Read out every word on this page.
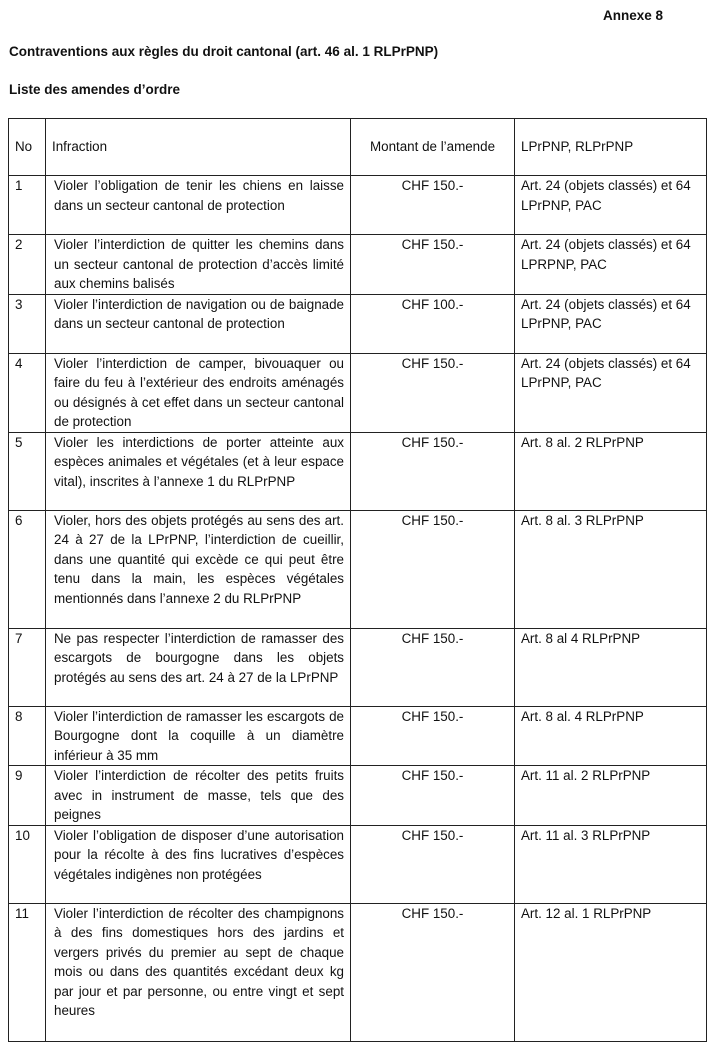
Annexe 8
Contraventions aux règles du droit cantonal (art. 46 al. 1 RLPrPNP)
Liste des amendes d’ordre
No	Infraction	Montant de l’amende	LPrPNP, RLPrPNP
1	Violer l’obligation de tenir les chiens en laisse dans un secteur cantonal de protection	CHF 150.-	Art. 24 (objets classés) et 64 LPrPNP, PAC
2	Violer l’interdiction de quitter les chemins dans un secteur cantonal de protection d’accès limité aux chemins balisés	CHF 150.-	Art. 24 (objets classés) et 64 LPRPNP, PAC
3	Violer l’interdiction de navigation ou de baignade dans un secteur cantonal de protection	CHF 100.-	Art. 24 (objets classés) et 64 LPrPNP, PAC
4	Violer l’interdiction de camper, bivouaquer ou faire du feu à l’extérieur des endroits aménagés ou désignés à cet effet dans un secteur cantonal de protection	CHF 150.-	Art. 24 (objets classés) et 64 LPrPNP, PAC
5	Violer les interdictions de porter atteinte aux espèces animales et végétales (et à leur espace vital), inscrites à l’annexe 1 du RLPrPNP	CHF 150.-	Art. 8 al. 2 RLPrPNP
6	Violer, hors des objets protégés au sens des art. 24 à 27 de la LPrPNP, l’interdiction de cueillir, dans une quantité qui excède ce qui peut être tenu dans la main, les espèces végétales mentionnés dans l’annexe 2 du RLPrPNP	CHF 150.-	Art. 8 al. 3 RLPrPNP
7	Ne pas respecter l’interdiction de ramasser des escargots de bourgogne dans les objets protégés au sens des art. 24 à 27 de la LPrPNP	CHF 150.-	Art. 8 al 4 RLPrPNP
8	Violer l’interdiction de ramasser les escargots de Bourgogne dont la coquille à un diamètre inférieur à 35 mm	CHF 150.-	Art. 8 al. 4 RLPrPNP
9	Violer l’interdiction de récolter des petits fruits avec in instrument de masse, tels que des peignes	CHF 150.-	Art. 11 al. 2 RLPrPNP
10	Violer l’obligation de disposer d’une autorisation pour la récolte à des fins lucratives d’espèces végétales indigènes non protégées	CHF 150.-	Art. 11 al. 3 RLPrPNP
11	Violer l’interdiction de récolter des champignons à des fins domestiques hors des jardins et vergers privés du premier au sept de chaque mois ou dans des quantités excédant deux kg par jour et par personne, ou entre vingt et sept heures	CHF 150.-	Art. 12 al. 1 RLPrPNP
